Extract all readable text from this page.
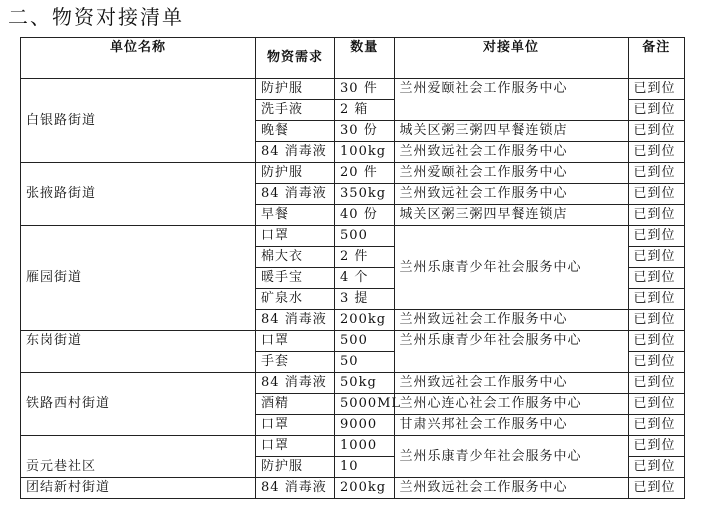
二、物资对接清单
单位名称	物资需求	数量	对接单位	备注
白银路街道	防护服	30 件	兰州爱颐社会工作服务中心	已到位
	洗手液	2 箱		已到位
	晚餐	30 份	城关区粥三粥四早餐连锁店	已到位
	84 消毒液	100kg	兰州致远社会工作服务中心	已到位
张掖路街道	防护服	20 件	兰州爱颐社会工作服务中心	已到位
	84 消毒液	350kg	兰州致远社会工作服务中心	已到位
	早餐	40 份	城关区粥三粥四早餐连锁店	已到位
雁园街道	口罩	500	兰州乐康青少年社会服务中心	已到位
	棉大衣	2 件		已到位
	暖手宝	4 个		已到位
	矿泉水	3 提		已到位
	84 消毒液	200kg	兰州致远社会工作服务中心	已到位
东岗街道	口罩	500	兰州乐康青少年社会服务中心	已到位
	手套	50		已到位
铁路西村街道	84 消毒液	50kg	兰州致远社会工作服务中心	已到位
	酒精	5000ML	兰州心连心社会工作服务中心	已到位
	口罩	9000	甘肃兴邦社会工作服务中心	已到位
贡元巷社区	口罩	1000	兰州乐康青少年社会服务中心	已到位
	防护服	10		已到位
团结新村街道	84 消毒液	200kg	兰州致远社会工作服务中心	已到位
